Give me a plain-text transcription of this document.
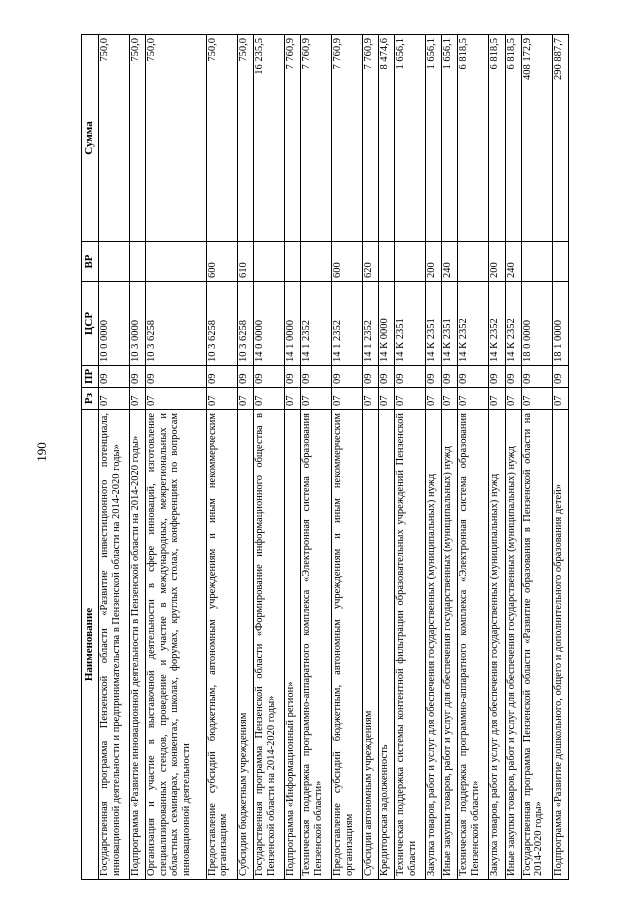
190
Наименование	Рз	ПР	ЦСР	ВР	Сумма
Государственная программа Пензенской области «Развитие инвестиционного потенциала, инновационной деятельности и предпринимательства в Пензенской области на 2014-2020 годы»	07	09	10 0 0000		750,0
Подпрограмма «Развитие инновационной деятельности в Пензенской области на 2014-2020 годы»	07	09	10 3 0000		750,0
Организация и участие в выставочной деятельности в сфере инноваций, изготовление специализированных стендов, проведение и участие в международных, межрегиональных и областных семинарах, конвентах, школах, форумах, круглых столах, конференциях по вопросам инновационной деятельности	07	09	10 3 6258		750,0
Предоставление субсидий бюджетным, автономным учреждениям и иным некоммерческим организациям	07	09	10 3 6258	600	750,0
Субсидии бюджетным учреждениям	07	09	10 3 6258	610	750,0
Государственная программа Пензенской области «Формирование информационного общества в Пензенской области на 2014-2020 годы»	07	09	14 0 0000		16 235,5
Подпрограмма «Информационный регион»	07	09	14 1 0000		7 760,9
Техническая поддержка программно-аппаратного комплекса «Электронная система образования Пензенской области»	07	09	14 1 2352		7 760,9
Предоставление субсидий бюджетным, автономным учреждениям и иным некоммерческим организациям	07	09	14 1 2352	600	7 760,9
Субсидии автономным учреждениям	07	09	14 1 2352	620	7 760,9
Кредиторская задолженность	07	09	14 К 0000		8 474,6
Техническая поддержка системы контентной фильтрации образовательных учреждений Пензенской области	07	09	14 К 2351		1 656,1
Закупка товаров, работ и услуг для обеспечения государственных (муниципальных) нужд	07	09	14 К 2351	200	1 656,1
Иные закупки товаров, работ и услуг для обеспечения государственных (муниципальных) нужд	07	09	14 К 2351	240	1 656,1
Техническая поддержка программно-аппаратного комплекса «Электронная система образования Пензенской области»	07	09	14 К 2352		6 818,5
Закупка товаров, работ и услуг для обеспечения государственных (муниципальных) нужд	07	09	14 К 2352	200	6 818,5
Иные закупки товаров, работ и услуг для обеспечения государственных (муниципальных) нужд	07	09	14 К 2352	240	6 818,5
Государственная программа Пензенской области «Развитие образования в Пензенской области на 2014-2020 годы»	07	09	18 0 0000		408 172,9
Подпрограмма «Развитие дошкольного, общего и дополнительного образования детей»	07	09	18 1 0000		290 887,7
